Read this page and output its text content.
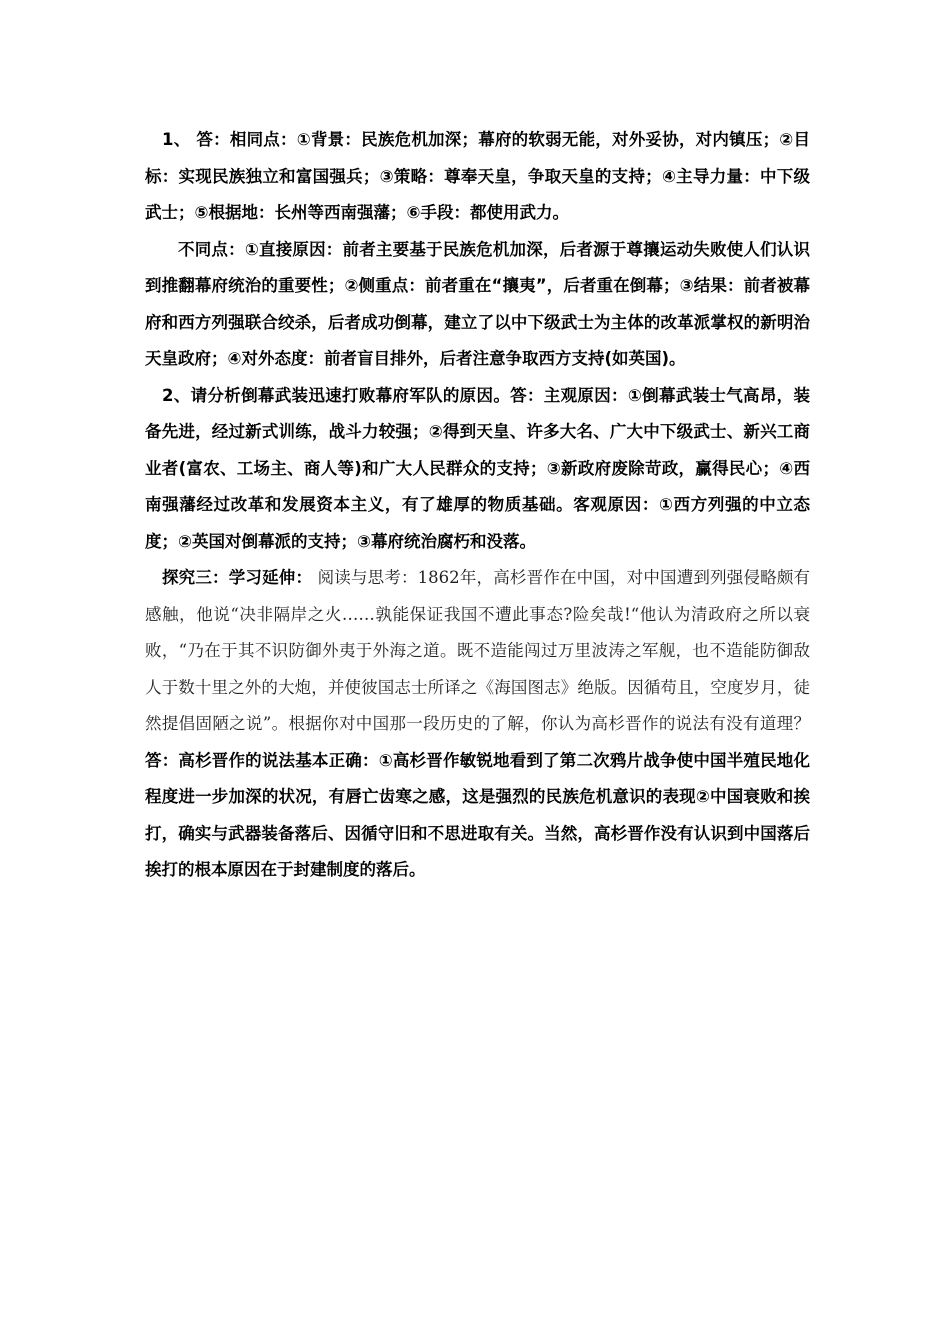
1、 答：相同点：①背景：民族危机加深；幕府的软弱无能，对外妥协，对内镇压；②目标：实现民族独立和富国强兵；③策略：尊奉天皇，争取天皇的支持；④主导力量：中下级武士；⑤根据地：长州等西南强藩；⑥手段：都使用武力。

不同点：①直接原因：前者主要基于民族危机加深，后者源于尊攘运动失败使人们认识到推翻幕府统治的重要性；②侧重点：前者重在“攘夷”，后者重在倒幕；③结果：前者被幕府和西方列强联合绞杀，后者成功倒幕，建立了以中下级武士为主体的改革派掌权的新明治天皇政府；④对外态度：前者盲目排外，后者注意争取西方支持(如英国)。

2、请分析倒幕武装迅速打败幕府军队的原因。答：主观原因：①倒幕武装士气高昂，装备先进，经过新式训练，战斗力较强；②得到天皇、许多大名、广大中下级武士、新兴工商业者(富农、工场主、商人等)和广大人民群众的支持；③新政府废除苛政，赢得民心；④西南强藩经过改革和发展资本主义，有了雄厚的物质基础。客观原因：①西方列强的中立态度；②英国对倒幕派的支持；③幕府统治腐朽和没落。

探究三：学习延伸： 阅读与思考：1862年，高杉晋作在中国，对中国遭到列强侵略颇有感触，他说“决非隔岸之火……孰能保证我国不遭此事态?险矣哉!“他认为清政府之所以衰败，“乃在于其不识防御外夷于外海之道。既不造能闯过万里波涛之军舰，也不造能防御敌人于数十里之外的大炮，并使彼国志士所译之《海国图志》绝版。因循苟且，空度岁月，徒然提倡固陋之说”。根据你对中国那一段历史的了解，你认为高杉晋作的说法有没有道理？答：高杉晋作的说法基本正确：①高杉晋作敏锐地看到了第二次鸦片战争使中国半殖民地化程度进一步加深的状况，有唇亡齿寒之感，这是强烈的民族危机意识的表现②中国衰败和挨打，确实与武器装备落后、因循守旧和不思进取有关。当然，高杉晋作没有认识到中国落后挨打的根本原因在于封建制度的落后。
